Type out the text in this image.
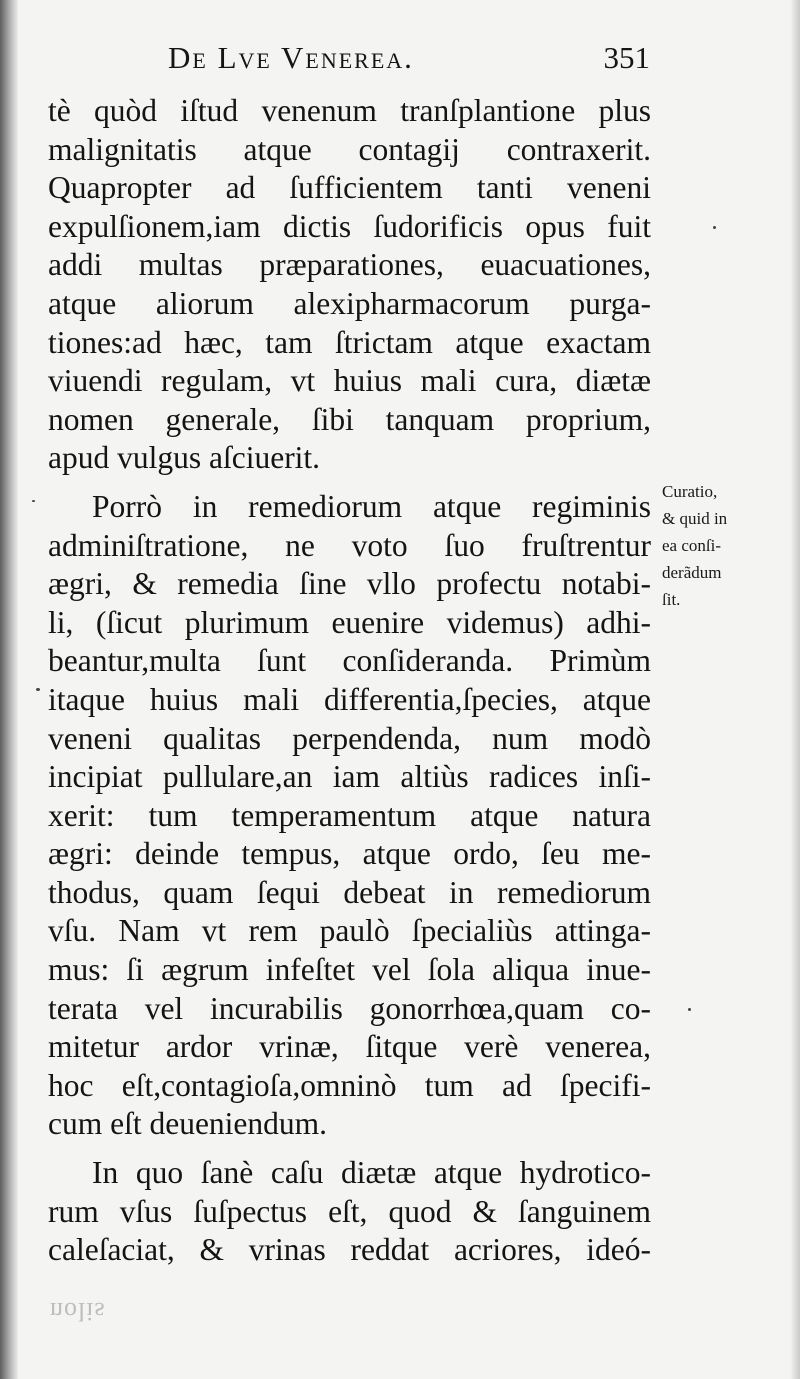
De Lve Venerea.	351
tè quòd iſtud venenum tranſplantione plus
malignitatis atque contagij contraxerit.
Quapropter ad ſufficientem tanti veneni
expulſionem,iam dictis ſudorificis opus fuit
addi multas præparationes, euacuationes,
atque aliorum alexipharmacorum purga-
tiones:ad hæc, tam ſtrictam atque exactam
viuendi regulam, vt huius mali cura, diætæ
nomen generale, ſibi tanquam proprium,
apud vulgus aſciuerit.
Porrò in remediorum atque regiminis
adminiſtratione, ne voto ſuo fruſtrentur
ægri, & remedia ſine vllo profectu notabi-
li, (ſicut plurimum euenire videmus) adhi-
beantur,multa ſunt conſideranda. Primùm
itaque huius mali differentia,ſpecies, atque
veneni qualitas perpendenda, num modò
incipiat pullulare,an iam altiùs radices inſi-
xerit: tum temperamentum atque natura
ægri: deinde tempus, atque ordo, ſeu me-
thodus, quam ſequi debeat in remediorum
vſu. Nam vt rem paulò ſpecialiùs attinga-
mus: ſi ægrum infeſtet vel ſola aliqua inue-
terata vel incurabilis gonorrhœa,quam co-
mitetur ardor vrinæ, ſitque verè venerea,
hoc eſt,contagioſa,omninò tum ad ſpecifi-
cum eſt deueniendum.
In quo ſanè caſu diætæ atque hydrotico-
rum vſus ſuſpectus eſt, quod & ſanguinem
caleſaciat, & vrinas reddat acriores, ideó-
Curatio,
& quid in
ea conſi-
derãdum
ſit.
nolis
